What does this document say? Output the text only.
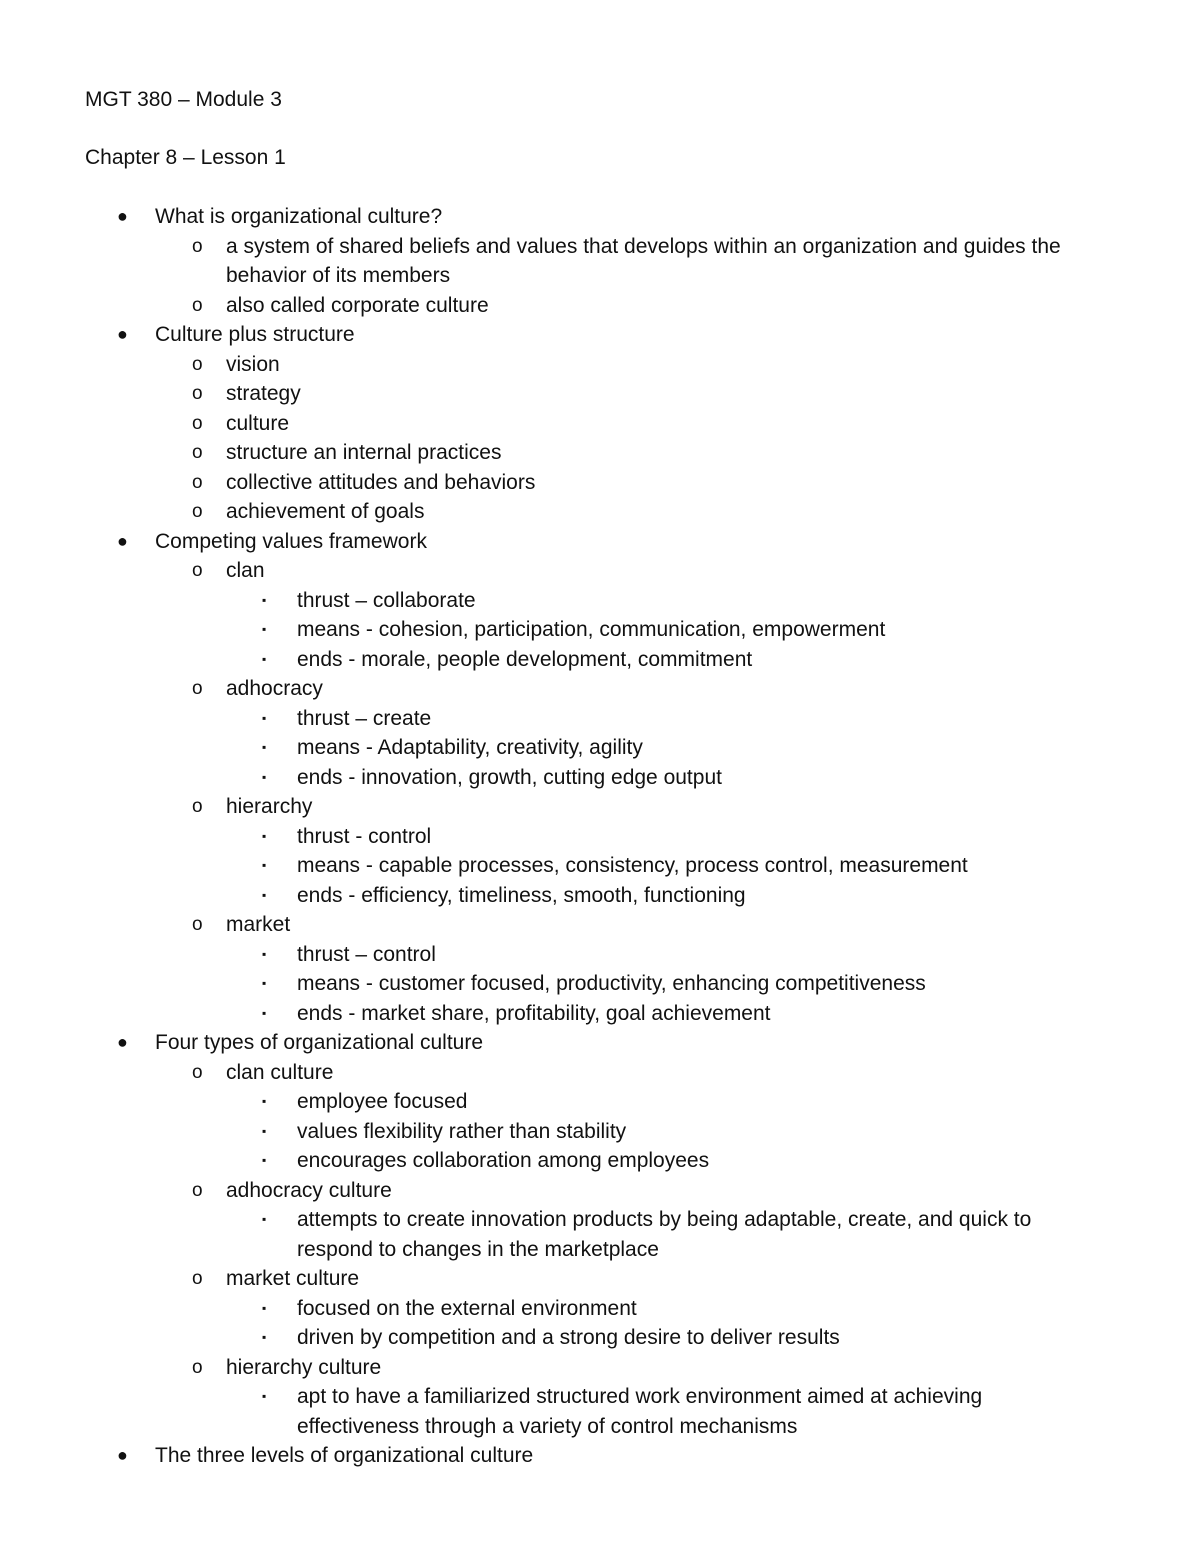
MGT 380 – Module 3
Chapter 8 – Lesson 1
● What is organizational culture?
o a system of shared beliefs and values that develops within an organization and guides the behavior of its members
o also called corporate culture
● Culture plus structure
o vision
o strategy
o culture
o structure an internal practices
o collective attitudes and behaviors
o achievement of goals
● Competing values framework
o clan
▪ thrust – collaborate
▪ means - cohesion, participation, communication, empowerment
▪ ends - morale, people development, commitment
o adhocracy
▪ thrust – create
▪ means - Adaptability, creativity, agility
▪ ends - innovation, growth, cutting edge output
o hierarchy
▪ thrust - control
▪ means - capable processes, consistency, process control, measurement
▪ ends - efficiency, timeliness, smooth, functioning
o market
▪ thrust – control
▪ means - customer focused, productivity, enhancing competitiveness
▪ ends - market share, profitability, goal achievement
● Four types of organizational culture
o clan culture
▪ employee focused
▪ values flexibility rather than stability
▪ encourages collaboration among employees
o adhocracy culture
▪ attempts to create innovation products by being adaptable, create, and quick to respond to changes in the marketplace
o market culture
▪ focused on the external environment
▪ driven by competition and a strong desire to deliver results
o hierarchy culture
▪ apt to have a familiarized structured work environment aimed at achieving effectiveness through a variety of control mechanisms
● The three levels of organizational culture
